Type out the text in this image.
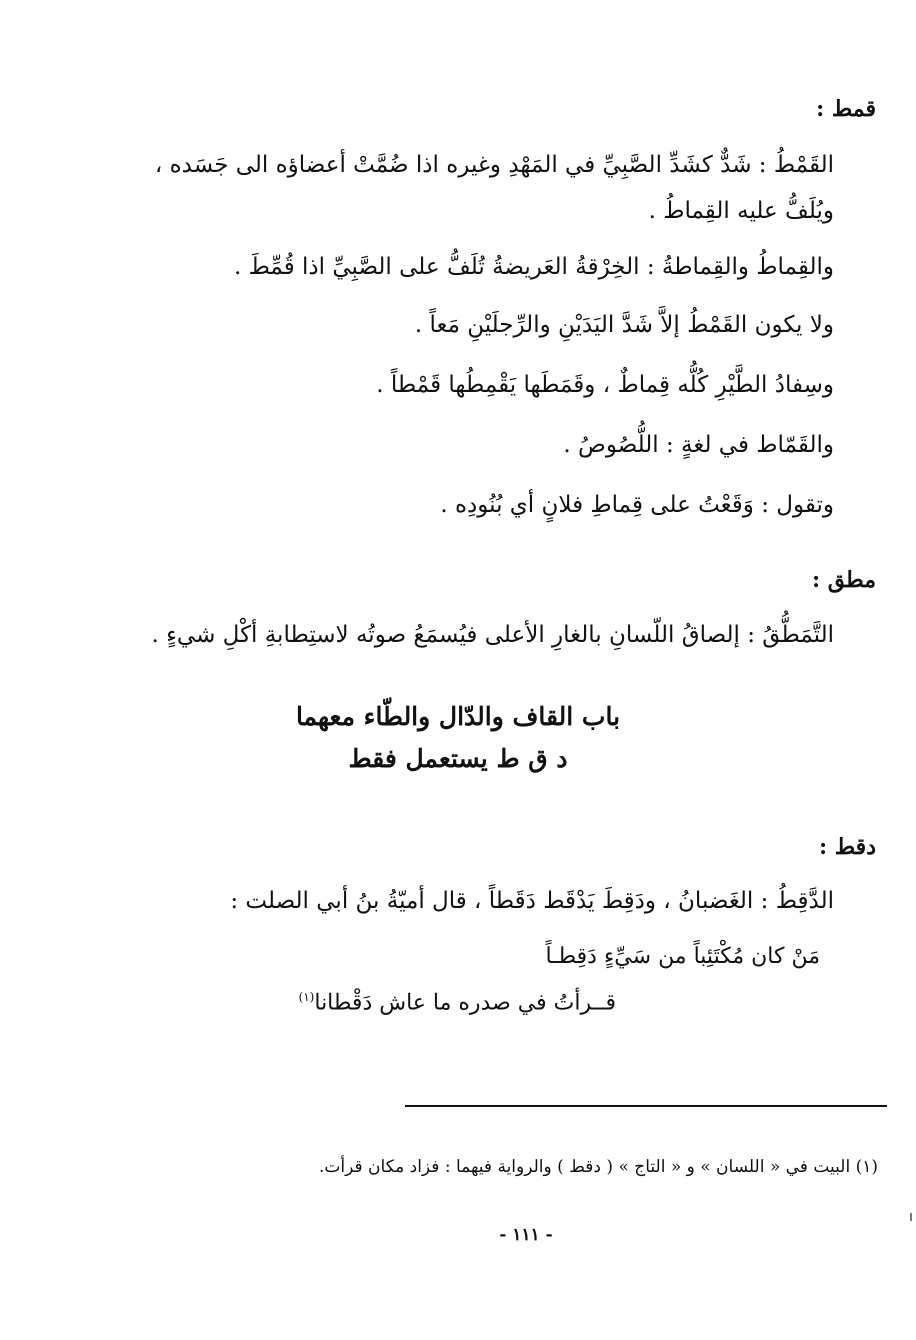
قمط :
القَمْطُ : شَدٌّ كشَدِّ الصَّبِيِّ في المَهْدِ وغيره اذا ضُمَّتْ أعضاؤه الى جَسَده ،
ويُلَفُّ عليه القِماطُ .
والقِماطُ والقِماطةُ : الخِرْقةُ العَريضةُ تُلَفُّ على الصَّبِيِّ اذا قُمِّطَ .
ولا يكون القَمْطُ إلاَّ شَدَّ اليَدَيْنِ والرِّجلَيْنِ مَعاً .
وسِفادُ الطَّيْرِ كُلُّه قِماطٌ ، وقَمَطَها يَقْمِطُها قَمْطاً .
والقَمّاط في لغةٍ : اللُّصُوصُ .
وتقول : وَقَعْتُ على قِماطِ فلانٍ أي بُنُودِه .
مطق :
التَّمَطُّقُ : إلصاقُ اللّسانِ بالغارِ الأعلى فيُسمَعُ صوتُه لاستِطابةِ أكْلِ شيءٍ .
باب القاف والدّال والطّاء معهما
د ق ط يستعمل فقط
دقط :
الدَّقِطُ : الغَضبانُ ، ودَقِطَ يَدْقَط دَقَطاً ، قال أميّةُ بنُ أبي الصلت :
مَنْ كان مُكْتَئِباً من سَيِّءٍ دَقِطـاً
قــرأتُ في صدره ما عاش دَقْطانا$^{(١)}$
(١) البيت في « اللسان » و « التاج » ( دقط ) والرواية فيهما : فزاد مكان قرأت.
- ١١١ -
